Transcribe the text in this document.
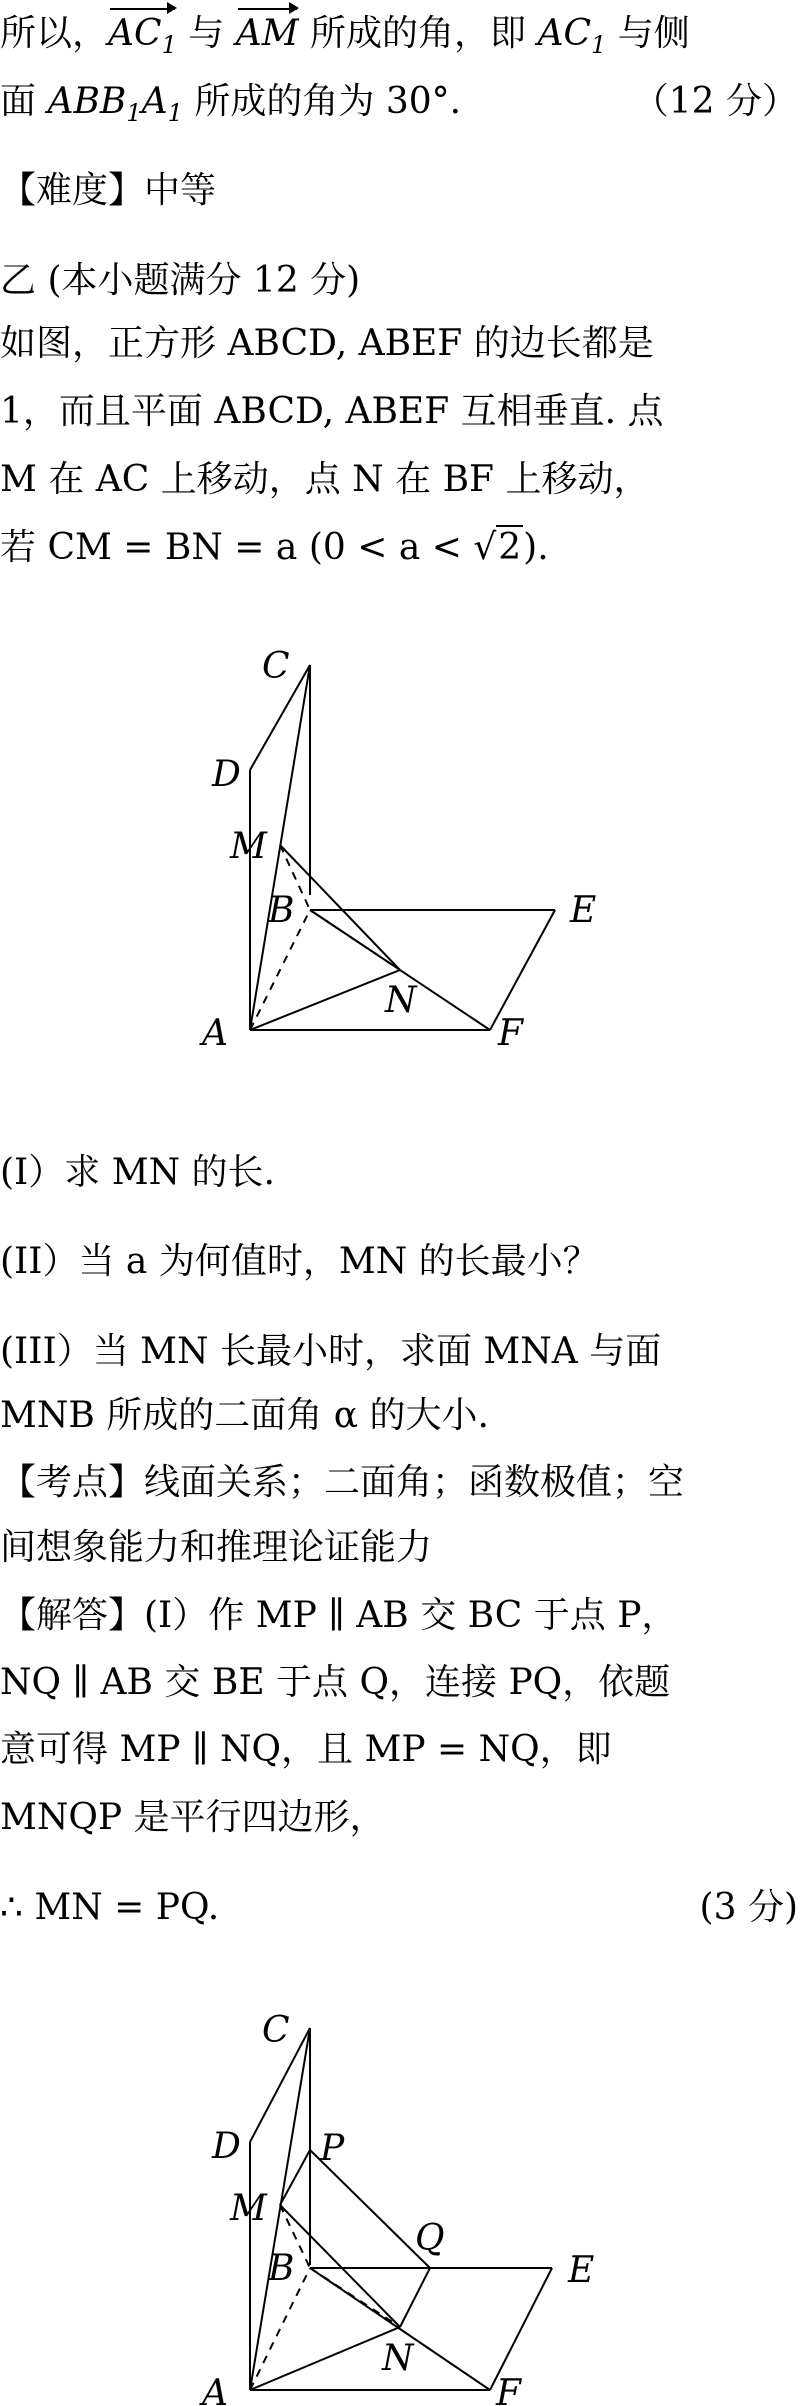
所以，$AC_1$ 与 AM 所成的角，即 $AC_1$ 与侧
面 $ABB_1A_1$ 所成的角为 30°.	（12 分）
【难度】中等
乙 (本小题满分 12 分)
如图，正方形 ABCD, ABEF 的边长都是
1，而且平面 ABCD, ABEF 互相垂直. 点
M 在 AC 上移动，点 N 在 BF 上移动，
若 CM = BN = a (0 < a < √2).
C
D
M
B	E
N
A	F
(I）求 MN 的长.
(II）当 a 为何值时，MN 的长最小？
(III）当 MN 长最小时，求面 MNA 与面
MNB 所成的二面角 α 的大小.
【考点】线面关系；二面角；函数极值；空
间想象能力和推理论证能力
【解答】(I）作 MP ∥ AB 交 BC 于点 P，
NQ ∥ AB 交 BE 于点 Q，连接 PQ，依题
意可得 MP ∥ NQ，且 MP = NQ，即
MNQP 是平行四边形，
∴ MN = PQ.	(3 分)
C
D P
M
Q
B	E
N
A	F
